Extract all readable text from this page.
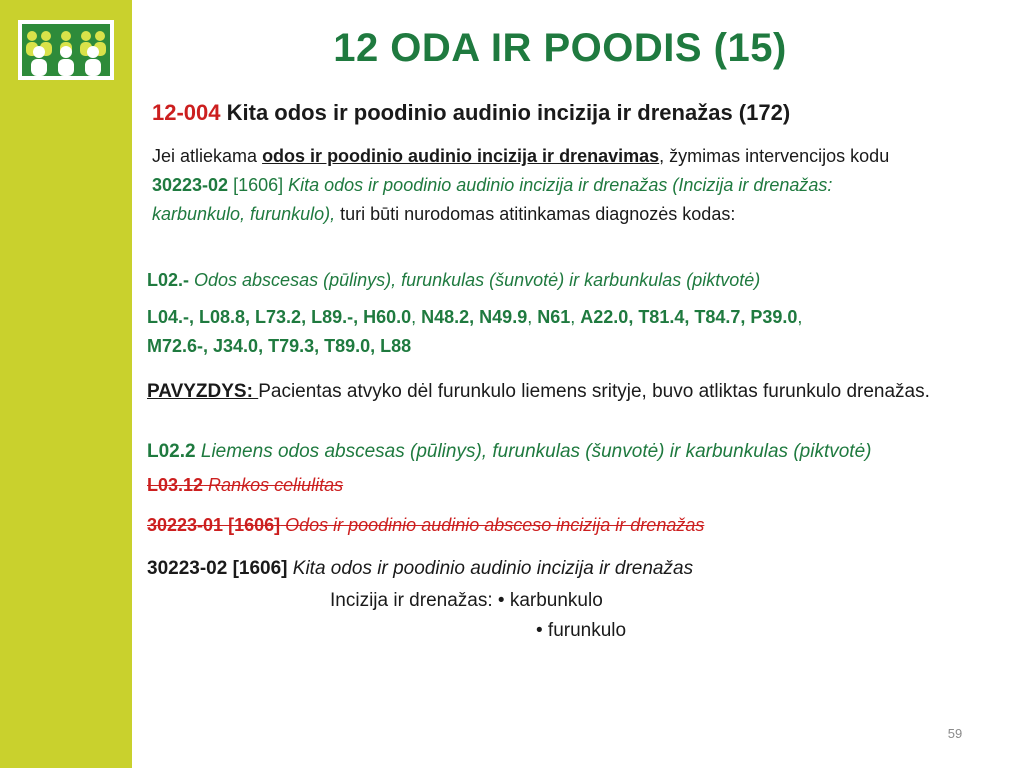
12 ODA IR POODIS (15)

12-004 Kita odos ir poodinio audinio incizija ir drenažas (172)

Jei atliekama odos ir poodinio audinio incizija ir drenavimas, žymimas intervencijos kodu 30223-02 [1606] Kita odos ir poodinio audinio incizija ir drenažas (Incizija ir drenažas: karbunkulo, furunkulo), turi būti nurodomas atitinkamas diagnozės kodas:

L02.- Odos abscesas (pūlinys), furunkulas (šunvotė) ir karbunkulas (piktvotė)

L04.-, L08.8, L73.2, L89.-, H60.0, N48.2, N49.9, N61, A22.0, T81.4, T84.7, P39.0,
M72.6-, J34.0, T79.3, T89.0, L88

PAVYZDYS: Pacientas atvyko dėl furunkulo liemens srityje, buvo atliktas furunkulo drenažas.

L02.2 Liemens odos abscesas (pūlinys), furunkulas (šunvotė) ir karbunkulas (piktvotė)

L03.12 Rankos celiulitas

30223-01 [1606] Odos ir poodinio audinio absceso incizija ir drenažas

30223-02 [1606] Kita odos ir poodinio audinio incizija ir drenažas

Incizija ir drenažas: • karbunkulo

• furunkulo

59
